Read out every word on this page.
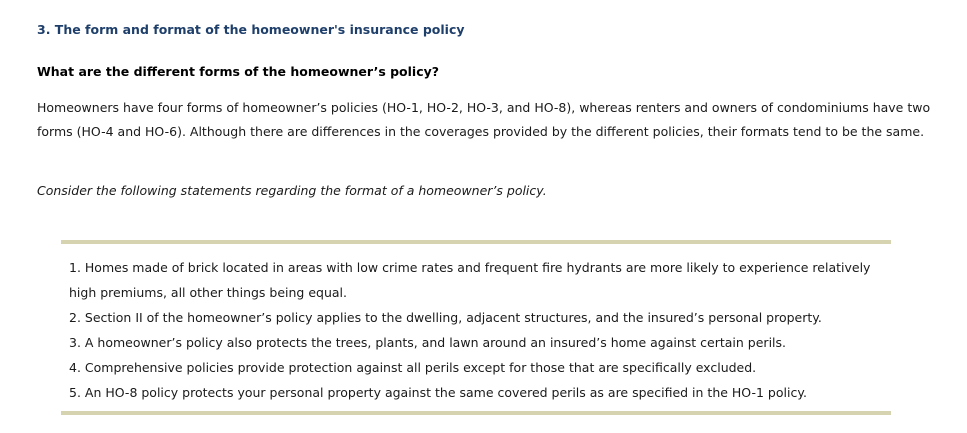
3. The form and format of the homeowner's insurance policy
What are the different forms of the homeowner’s policy?

Homeowners have four forms of homeowner’s policies (HO-1, HO-2, HO-3, and HO-8), whereas renters and owners of condominiums have two

forms (HO-4 and HO-6). Although there are differences in the coverages provided by the different policies, their formats tend to be the same.

Consider the following statements regarding the format of a homeowner’s policy.
1. Homes made of brick located in areas with low crime rates and frequent fire hydrants are more likely to experience relatively
high premiums, all other things being equal.
2. Section II of the homeowner’s policy applies to the dwelling, adjacent structures, and the insured’s personal property.
3. A homeowner’s policy also protects the trees, plants, and lawn around an insured’s home against certain perils.
4. Comprehensive policies provide protection against all perils except for those that are specifically excluded.
5. An HO-8 policy protects your personal property against the same covered perils as are specified in the HO-1 policy.
